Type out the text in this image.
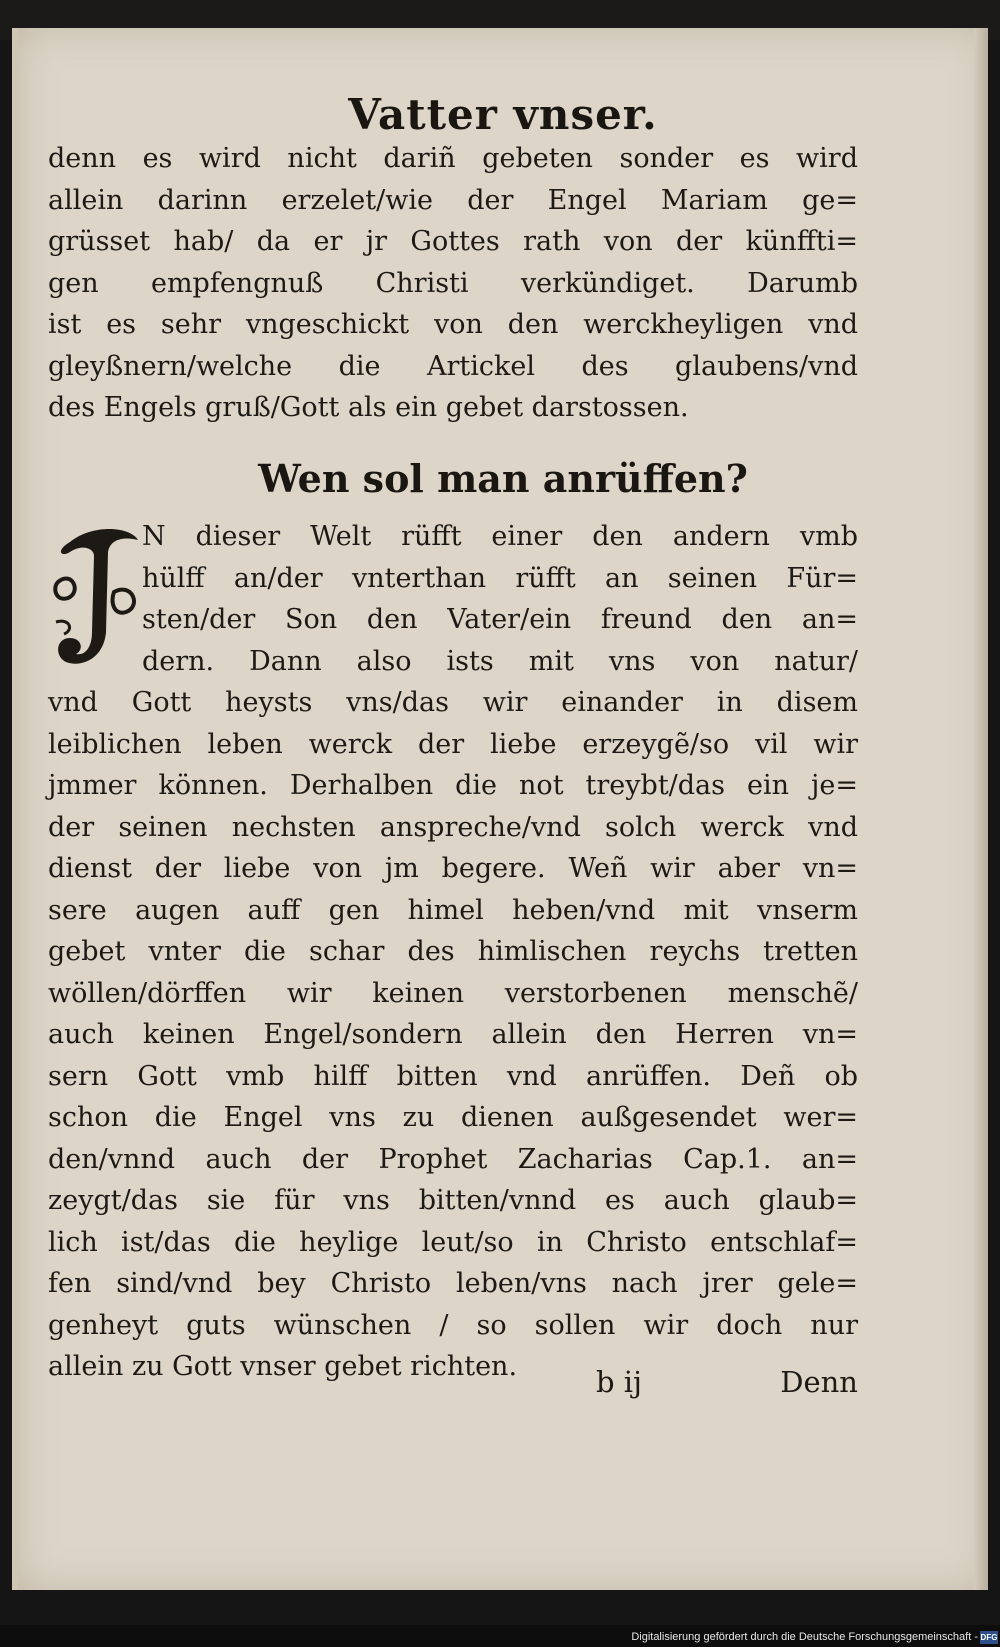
Vatter vnser.
denn es wird nicht dariñ gebeten sonder es wird
allein darinn erzelet/wie der Engel Mariam ge=
grüsset hab/ da er jr Gottes rath von der künffti=
gen empfengnuß Christi verkündiget. Darumb
ist es sehr vngeschickt von den werckheyligen vnd
gleyßnern/welche die Artickel des glaubens/vnd
des Engels gruß/Gott als ein gebet darstossen.
Wen sol man anrüffen?
N dieser Welt rüfft einer den andern vmb
hülff an/der vnterthan rüfft an seinen Für=
sten/der Son den Vater/ein freund den an=
dern. Dann also ists mit vns von natur/
vnd Gott heysts vns/das wir einander in disem
leiblichen leben werck der liebe erzeygẽ/so vil wir
jmmer können. Derhalben die not treybt/das ein je=
der seinen nechsten anspreche/vnd solch werck vnd
dienst der liebe von jm begere. Weñ wir aber vn=
sere augen auff gen himel heben/vnd mit vnserm
gebet vnter die schar des himlischen reychs tretten
wöllen/dörffen wir keinen verstorbenen menschẽ/
auch keinen Engel/sondern allein den Herren vn=
sern Gott vmb hilff bitten vnd anrüffen. Deñ ob
schon die Engel vns zu dienen außgesendet wer=
den/vnnd auch der Prophet Zacharias Cap.1. an=
zeygt/das sie für vns bitten/vnnd es auch glaub=
lich ist/das die heylige leut/so in Christo entschlaf=
fen sind/vnd bey Christo leben/vns nach jrer gele=
genheyt guts wünschen / so sollen wir doch nur
allein zu Gott vnser gebet richten.	b ij	Denn
Digitalisierung gefördert durch die Deutsche Forschungsgemeinschaft - DFG
